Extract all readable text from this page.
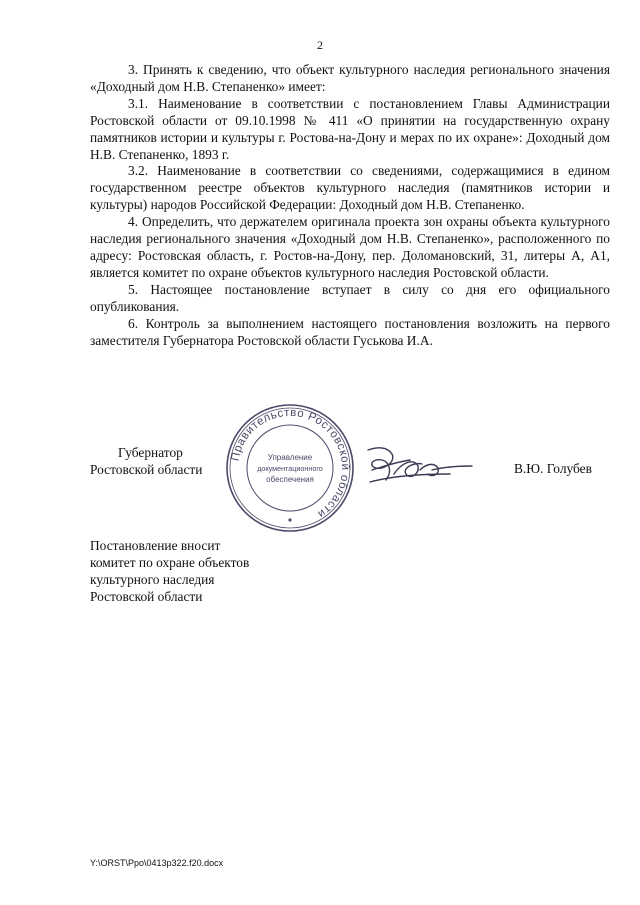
2

3. Принять к сведению, что объект культурного наследия регионального значения «Доходный дом Н.В. Степаненко» имеет:

3.1. Наименование в соответствии с постановлением Главы Администрации Ростовской области от 09.10.1998 № 411 «О принятии на государственную охрану памятников истории и культуры г. Ростова-на-Дону и мерах по их охране»: Доходный дом Н.В. Степаненко, 1893 г.

3.2. Наименование в соответствии со сведениями, содержащимися в едином государственном реестре объектов культурного наследия (памятников истории и культуры) народов Российской Федерации: Доходный дом Н.В. Степаненко.

4. Определить, что держателем оригинала проекта зон охраны объекта культурного наследия регионального значения «Доходный дом Н.В. Степаненко», расположенного по адресу: Ростовская область, г. Ростов-на-Дону, пер. Доломановский, 31, литеры А, А1, является комитет по охране объектов культурного наследия Ростовской области.

5. Настоящее постановление вступает в силу со дня его официального опубликования.

6. Контроль за выполнением настоящего постановления возложить на первого заместителя Губернатора Ростовской области Гуськова И.А.

Губернатор
Ростовской области
Правительство Ростовской области
Управление
документационного
обеспечения
В.Ю. Голубев
Постановление вносит
комитет по охране объектов
культурного наследия
Ростовской области
Y:\ORST\Ppo\0413p322.f20.docx
